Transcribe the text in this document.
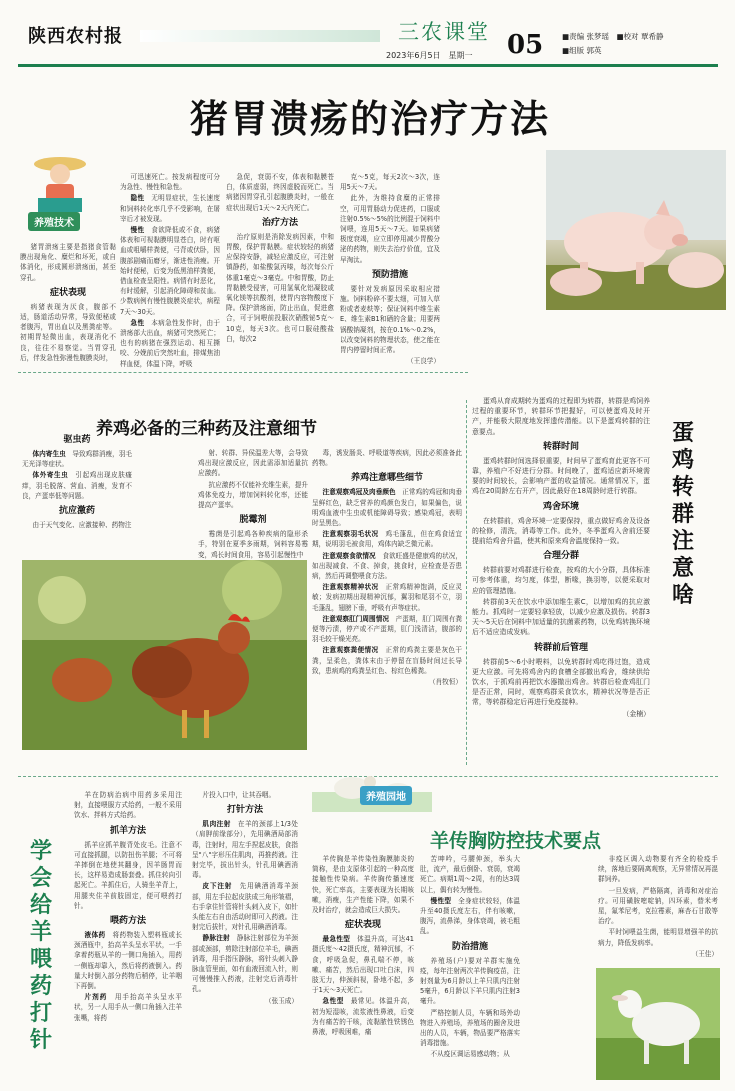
陕西农村报	三农课堂 05
2023年6月5日　星期一
■责编 张梦瑶　■校对 覃希静
■组版 郭英
猪胃溃疡的治疗方法
养殖技术

猪胃溃疡主要是指猪食管黏膜出现角化、糜烂和坏死，或自体消化，形成圆形溃疡面，甚至穿孔。

症状表现

病猪表现为厌食，腹部不适，肠道活动异常，导致便秘或者腹泻，胃出血以及黑粪症等。初期胃轻微出血，表现消化不良，往往不易察觉。当胃穿孔后，伴发急性弥漫性腹膜炎时，

可迅速死亡。按发病程度可分为急性、慢性和急性。

隐性　 无明显症状，生长速度和饲料转化率几乎不受影响，在屠宰后才被发现。

慢性　 食欲降低或不食，病猪体表和可视黏膜明显苍白，时有呕血或咀嚼样粪便，弓背或伏卧，因腹部剧痛而磨牙，渐进性消瘦。开始时便秘，后变为低黑油样粪便，借血检查呈阳性。病情有时恶化，有时缓解，引起消化障碍和贫血。少数病例有慢性腹膜炎症状，病程7天～30天。

急性　 本病急性发作时，由于溃疡部大出血，病猪可突然死亡；也有的病猪在强烈运动、相互撕咬、分娩前后突然吐血，排煤焦油样血便，体温下降，呼吸

急促，衰弱不安，体表和黏膜苍白，体质虚弱，终因虚脱而死亡。当病猪因胃穿孔引起腹膜炎时，一般在症状出现后1天～2天内死亡。

治疗方法

治疗原则是消除发病因素，中和胃酸，保护胃黏膜。症状较轻的病猪应保持安静，减轻应激反应，可注射镇静药，如盐酸氯丙嗪，每次每公斤体重1毫克～3毫克。中和胃酸，防止胃黏膜受侵害，可用氢氧化铝凝胶或氧化镁等抗酸剂，使胃内容物酸度下降。保护溃疡面，防止出血，促进愈合，可于饲喂前投服次硝酸铋5克～10克，每天3次。也可口服硅酸盐白，每次2

克～5克，每天2次～3次，连用5天～7天。

此外，为维持食糜的正常排空，可用胃肠动力促进药，口服或注射0.5%～5%的比例混于饲料中饲喂，连用5天～7天。如果病猪极度衰竭，应立即停用减少胃酸分泌的药物，则失去治疗价值，宜及早淘汰。

预防措施

要针对发病原因采取相应措施。饲料粉碎不要太细，可加入草粉或者麦麸等；保证饲料中维生素E、维生素B1和硒的含量；用要两锅酸钠凝剂，按在0.1%～0.2%，以改变饲料的物理状态，使之能在胃内停留时间正常。

（王良学）
养鸡必备的三种药及注意细节
驱虫药

体内寄生虫　 导致鸡群消瘦，羽毛无光泽等症状。

体外寄生虫　 引起鸡出现皮肤瘙痒，羽毛脱落、营血、消瘦，发育不良，产蛋率低等问题。

抗应激药

由于天气变化、应激接种、药物注

射、转群、异侯温差大等，会导致鸡出现应激反应，因此需添加适量抗应激药。

抗应激药不仅能补充维生素，提升鸡体免疫力，增加饲料转化率，还能提高产蛋率。

脱霉剂

霉菌是引起鸡各种疾病的隐形杀手，特别在夏季多雨期，饲料容易霉变，鸡长时间食用，容易引起慢性中

毒，诱发肠炎、呼吸道等疾病，因此必须准备此药物。

养鸡注意哪些细节

注意观察鸡冠及肉垂颜色　 正常鸡的鸡冠和肉垂呈鲜红色，缺乏营养的鸡颜色发白，如果偏色，说明鸡血液中生虫或机能障碍导致；感染鸡冠，表明时呈黑色。

注意观察羽毛状况　 鸡毛蓬乱，但在鸡食适宜期，说明羽毛被食用，鸡体内缺乏微元素。

注意观察食欲情况　 食欲旺盛是健康鸡的状况，如出现减食、不食、掉食，挑食时，应检查是否患病，然后再调整喂食方法。

注意观察精神状况　 正常鸡精神饱满，反应灵敏；发病初期出现精神沉郁，翼羽和尾羽不立，羽毛蓬乱，翅膀下垂，呼吸有声等症状。

注意观察肛门周围情况　 产蛋期，肛门周围有粪便等污渍，停产或不产蛋期，肛门浅清洁，腹部的羽毛较干燥光亮。

注意观察粪便情况　 正常的鸡粪主要是灰色干粪，呈柔色，粪体末由于停留在盲肠时间过长导致，患病鸡的鸡粪呈红色、棕红色稀粪。

（肖牧恒）

蛋鸡从育成期转为蛋鸡的过程即为转群，转群是鸡饲养过程的重要环节，转群环节把握好，可以使蛋鸡及时开产，并能极大限度地发挥遗传潜能。以下是蛋鸡转群的注意要点。

转群时间

蛋鸡转群时间选择很重要，时间早了蛋鸡育此更容不可靠，养殖户不好进行分群。时间晚了，蛋鸡适应新环境需要的时间较长，会影响产蛋的收益情况。通常情况下，蛋鸡在20周龄左右开产，因此最好在18周龄时进行转群。

鸡舍环境

在转群前，鸡舍环境一定要保持，重点做好鸡舍及设备的检修，清洗，消毒等工作。此外，冬季蛋鸡入舍前还要提前给鸡舍升温，使其和原来鸡舍温度保持一致。

合理分群

转群前要对鸡群进行检查，按鸡的大小分群，具体标准可参考体重，均匀度，体型，断喙，换羽等，以便采取对应的管理措施。

转群前3天在饮水中添加维生素C，以增加鸡的抗应激能力。抓鸡时一定要轻拿轻放，以减少应激及损伤。转群3天～5天后在饲料中加适量的抗菌素药物，以免鸡转换环境后不适应造成发病。

转群前后管理

转群前5～6小时喂料，以免转群时鸡吃得过饱，造成更大应激。可先将鸡舍内的食槽全部撤出鸡舍，维续供给饮水，于抓鸡前再把饮水器撤出鸡舍。转群后检查鸡肛门是否正常，同时，观察鸡群采食饮水，精神状况等是否正常，等转群稳定后再进行免疫接种。

（金楠）
蛋鸡转群注意啥
学会给羊喂药打针

羊在防病治病中用药多采用注射，直接喂服方式给药，一般不采用饮水、拌料方式给药。

抓羊方法

抓羊应抓羊腹背处皮毛。注意不可直接抓腿，以防扭伤羊腿；不可将羊摔倒在地使其翻身，因羊肠胃而长，这样易造成肠套叠。抓住转向引起死亡。羊抓住后，人骑坐羊背上，用腿夹住羊前肢固定，便可喂药打针。

喂药方法

液体药　 将药物装入塑料瓶或长颈酒瓶中，抬高羊头呈水平状，一手拿着药瓶从羊的一侧口角插入，用药一侧瓶却靠入，然后将药液倒入。药量大时倒入部分药物后稍停，让羊咽下再倒。

片剂药　 用手抬高羊头呈水平状，另一人用手从一侧口角插入注羊张嘴，将药

片投入口中，让其吞咽。

打针方法

肌肉注射　 在羊的颈部上1/3处（肩胛前缘部分），先用碘酒局部消毒，注射时，用左手捏起皮肤，食指呈"八"字形压住肌肉，再推药液。注射完毕，拔出针头，针孔用碘酒消毒。

皮下注射　 先用碘酒消毒羊颈部，用左手拉起皮肤成三角形皱褶，右手拿住针管将针头刺入皮下，如针头能左右自由活动时即可入药液。注射完后拔针，对针孔用碘酒消毒。

静脉注射　 静脉注射部位为羊颈部或颈部，剪除注射部位羊毛，碘酒消毒，用手指压静脉，将针头刺入静脉血管里面，如有血液回流入针，则可慢慢推入药液，注射完后消毒针孔。

（张玉成）
养殖园地
羊传胸防控技术要点

羊传胸是羊传染性胸膜肺炎的简称，是由支原体引起的一种高度接触性传染病。羊传胸传播速度快，死亡率高，主要表现为长期咳嗽，消瘦，生产性能下降，如果不及时治疗，就会造成巨大损失。

症状表现

最急性型　 体温升高，可达41摄氏度～42摄氏度，精神沉郁，不食，呼吸急促，鼻孔喘不停，咳嗽、痛苦，然后出现口吐白沫，四肢无力，伸颈斜视，卧地不起，多于1天～3天死亡。

急性型　 最常见。体温升高，初为短湿咳，流浆液性鼻液，后变为有痛苦的干咳，流黏脓性铁锈色鼻液，呼吸困难，痛

苦呻吟，弓腰伸颈，举头大肚，流产，最后倒卧、衰弱，衰竭死亡。病期1周～2周，有的达3周以上，偶有转为慢性。

慢性型　 全身症状较轻，体温升至40摄氏度左右，伴有咳嗽，腹泻，流鼻涕，身体衰竭，被毛粗乱。

防治措施

养殖场(户)要对羊群实施免疫，每年注射两次羊传胸疫苗，注射剂量为6月龄以上羊只肌内注射5毫升，6月龄以下羊只肌内注射3毫升。

严格控制人员，车辆和场外动物进入养殖场，养殖场的圈舍及进出的人员，车辆，物品要严格落实消毒措施。

不从疫区调运易感动物；从

非疫区调入动物要有齐全的检疫手续，落地后要隔离观察，无异常情况再混群饲养。

一旦发病，严格隔离，消毒和对症治疗。可用磺胺嘧啶钠，四环素，替米考星，氟苯尼考，克拉霉素，麻杏石甘散等治疗。

平时饲喂益生菌，能明显增强羊的抗病力，降低发病率。

（王佳）
